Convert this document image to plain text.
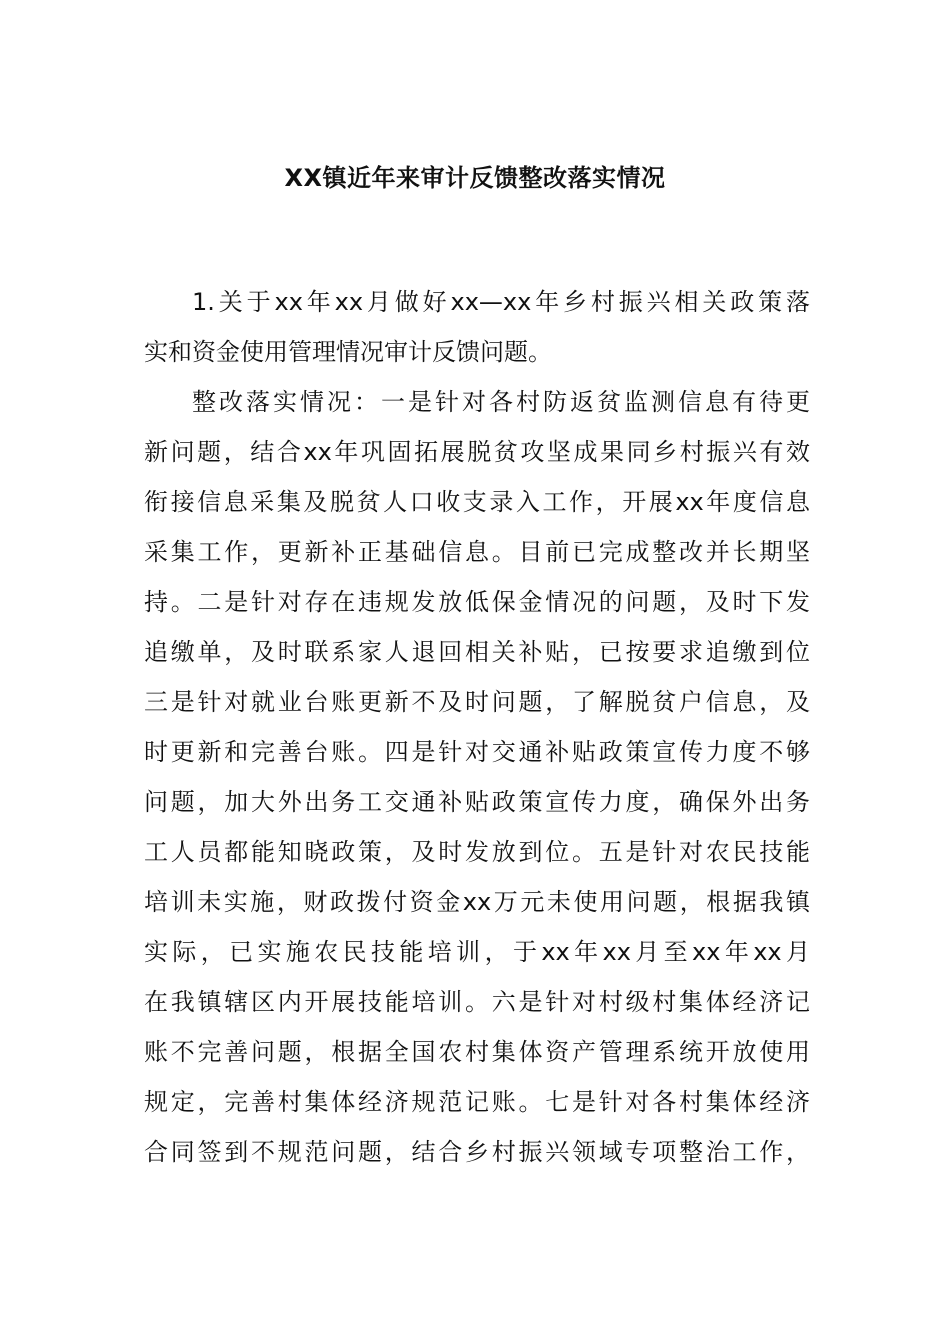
XX镇近年来审计反馈整改落实情况
1.关于xx年xx月做好xx—xx年乡村振兴相关政策落
实和资金使用管理情况审计反馈问题。
整改落实情况：一是针对各村防返贫监测信息有待更
新问题，结合xx年巩固拓展脱贫攻坚成果同乡村振兴有效
衔接信息采集及脱贫人口收支录入工作，开展xx年度信息
采集工作，更新补正基础信息。目前已完成整改并长期坚
持。二是针对存在违规发放低保金情况的问题，及时下发
追缴单，及时联系家人退回相关补贴，已按要求追缴到位
三是针对就业台账更新不及时问题，了解脱贫户信息，及
时更新和完善台账。四是针对交通补贴政策宣传力度不够
问题，加大外出务工交通补贴政策宣传力度，确保外出务
工人员都能知晓政策，及时发放到位。五是针对农民技能
培训未实施，财政拨付资金xx万元未使用问题，根据我镇
实际，已实施农民技能培训，于xx年xx月至xx年xx月
在我镇辖区内开展技能培训。六是针对村级村集体经济记
账不完善问题，根据全国农村集体资产管理系统开放使用
规定，完善村集体经济规范记账。七是针对各村集体经济
合同签到不规范问题，结合乡村振兴领域专项整治工作，
